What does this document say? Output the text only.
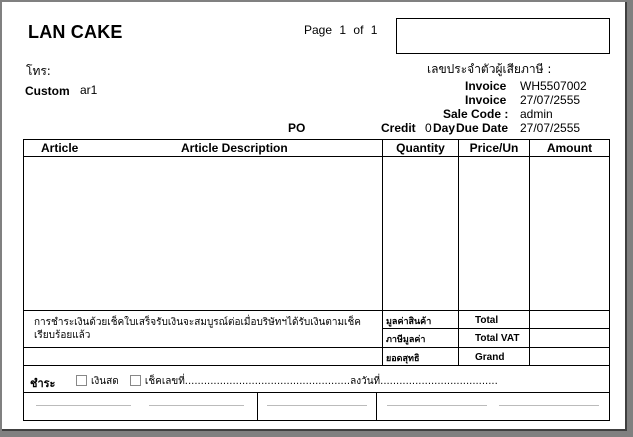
LAN CAKE	Page 1 of 1
โทร:
Custom ar1
เลขประจำตัวผู้เสียภาษี :
Invoice WH5507002
Invoice 27/07/2555
Sale Code : admin
PO	Credit 0 Day Due Date 27/07/2555
Article	Article Description	Quantity	Price/Un	Amount
การชำระเงินด้วยเช็คใบเสร็จรับเงินจะสมบูรณ์ต่อเมื่อบริษัทฯได้รับเงินตามเช็คเรียบร้อยแล้ว
มูลค่าสินค้า	Total
ภาษีมูลค่า	Total VAT
ยอดสุทธิ	Grand
ชำระ	เงินสด	เช็คเลขที่....................................................ลงวันที่.....................................
